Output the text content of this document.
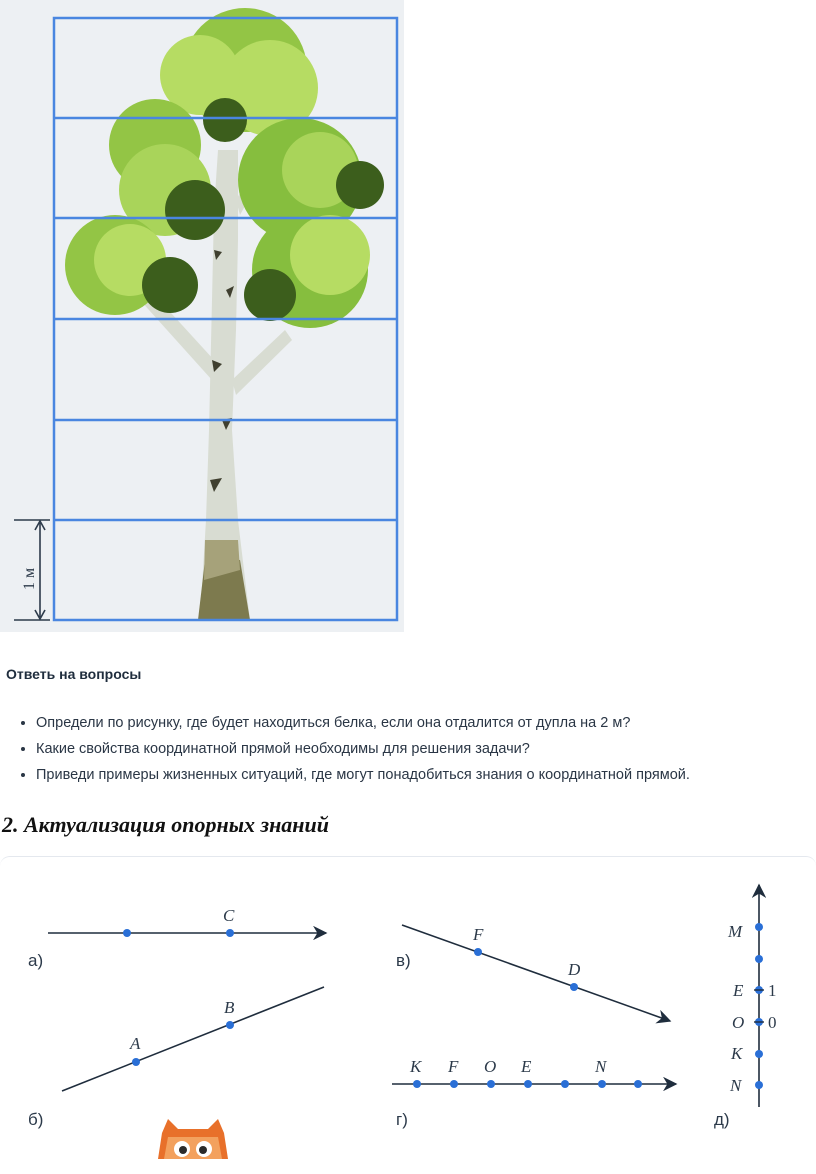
1 м
Ответь на вопросы
• Определи по рисунку, где будет находиться белка, если она отдалится от дупла на 2 м?
• Какие свойства координатной прямой необходимы для решения задачи?
• Приведи примеры жизненных ситуаций, где могут понадобиться знания о координатной прямой.
2. Актуализация опорных знаний
C
а)
A
B
б)
F
D
в)
K F O E	N
г)
M
E
O
K
N
1
0
д)
